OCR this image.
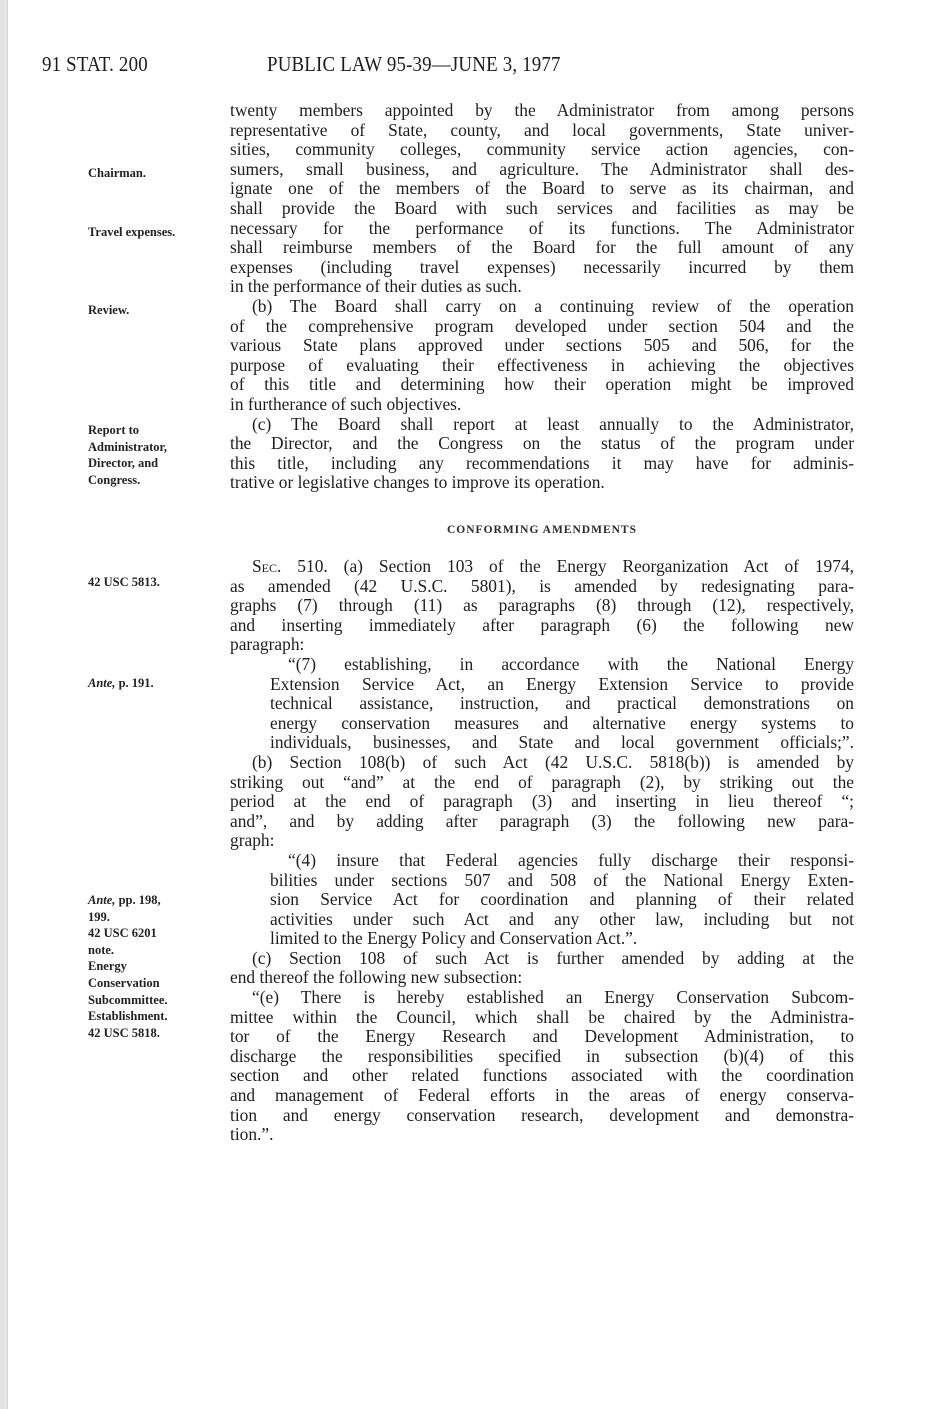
91 STAT. 200	PUBLIC LAW 95-39—JUNE 3, 1977
Chairman.
Travel expenses.
Review.
Report to
Administrator,
Director, and
Congress.
42 USC 5813.
Ante, p. 191.
Ante, pp. 198,
199.
42 USC 6201
note.
Energy
Conservation
Subcommittee.
Establishment.
42 USC 5818.
twenty members appointed by the Administrator from among persons
representative of State, county, and local governments, State univer-
sities, community colleges, community service action agencies, con-
sumers, small business, and agriculture. The Administrator shall des-
ignate one of the members of the Board to serve as its chairman, and
shall provide the Board with such services and facilities as may be
necessary for the performance of its functions. The Administrator
shall reimburse members of the Board for the full amount of any
expenses (including travel expenses) necessarily incurred by them
in the performance of their duties as such.
(b) The Board shall carry on a continuing review of the operation
of the comprehensive program developed under section 504 and the
various State plans approved under sections 505 and 506, for the
purpose of evaluating their effectiveness in achieving the objectives
of this title and determining how their operation might be improved
in furtherance of such objectives.
(c) The Board shall report at least annually to the Administrator,
the Director, and the Congress on the status of the program under
this title, including any recommendations it may have for adminis-
trative or legislative changes to improve its operation.
CONFORMING AMENDMENTS
Sec. 510. (a) Section 103 of the Energy Reorganization Act of 1974,
as amended (42 U.S.C. 5801), is amended by redesignating para-
graphs (7) through (11) as paragraphs (8) through (12), respectively,
and inserting immediately after paragraph (6) the following new
paragraph:
“(7) establishing, in accordance with the National Energy
Extension Service Act, an Energy Extension Service to provide
technical assistance, instruction, and practical demonstrations on
energy conservation measures and alternative energy systems to
individuals, businesses, and State and local government officials;”.
(b) Section 108(b) of such Act (42 U.S.C. 5818(b)) is amended by
striking out “and” at the end of paragraph (2), by striking out the
period at the end of paragraph (3) and inserting in lieu thereof “;
and”, and by adding after paragraph (3) the following new para-
graph:
“(4) insure that Federal agencies fully discharge their responsi-
bilities under sections 507 and 508 of the National Energy Exten-
sion Service Act for coordination and planning of their related
activities under such Act and any other law, including but not
limited to the Energy Policy and Conservation Act.”.
(c) Section 108 of such Act is further amended by adding at the
end thereof the following new subsection:
“(e) There is hereby established an Energy Conservation Subcom-
mittee within the Council, which shall be chaired by the Administra-
tor of the Energy Research and Development Administration, to
discharge the responsibilities specified in subsection (b)(4) of this
section and other related functions associated with the coordination
and management of Federal efforts in the areas of energy conserva-
tion and energy conservation research, development and demonstra-
tion.”.
